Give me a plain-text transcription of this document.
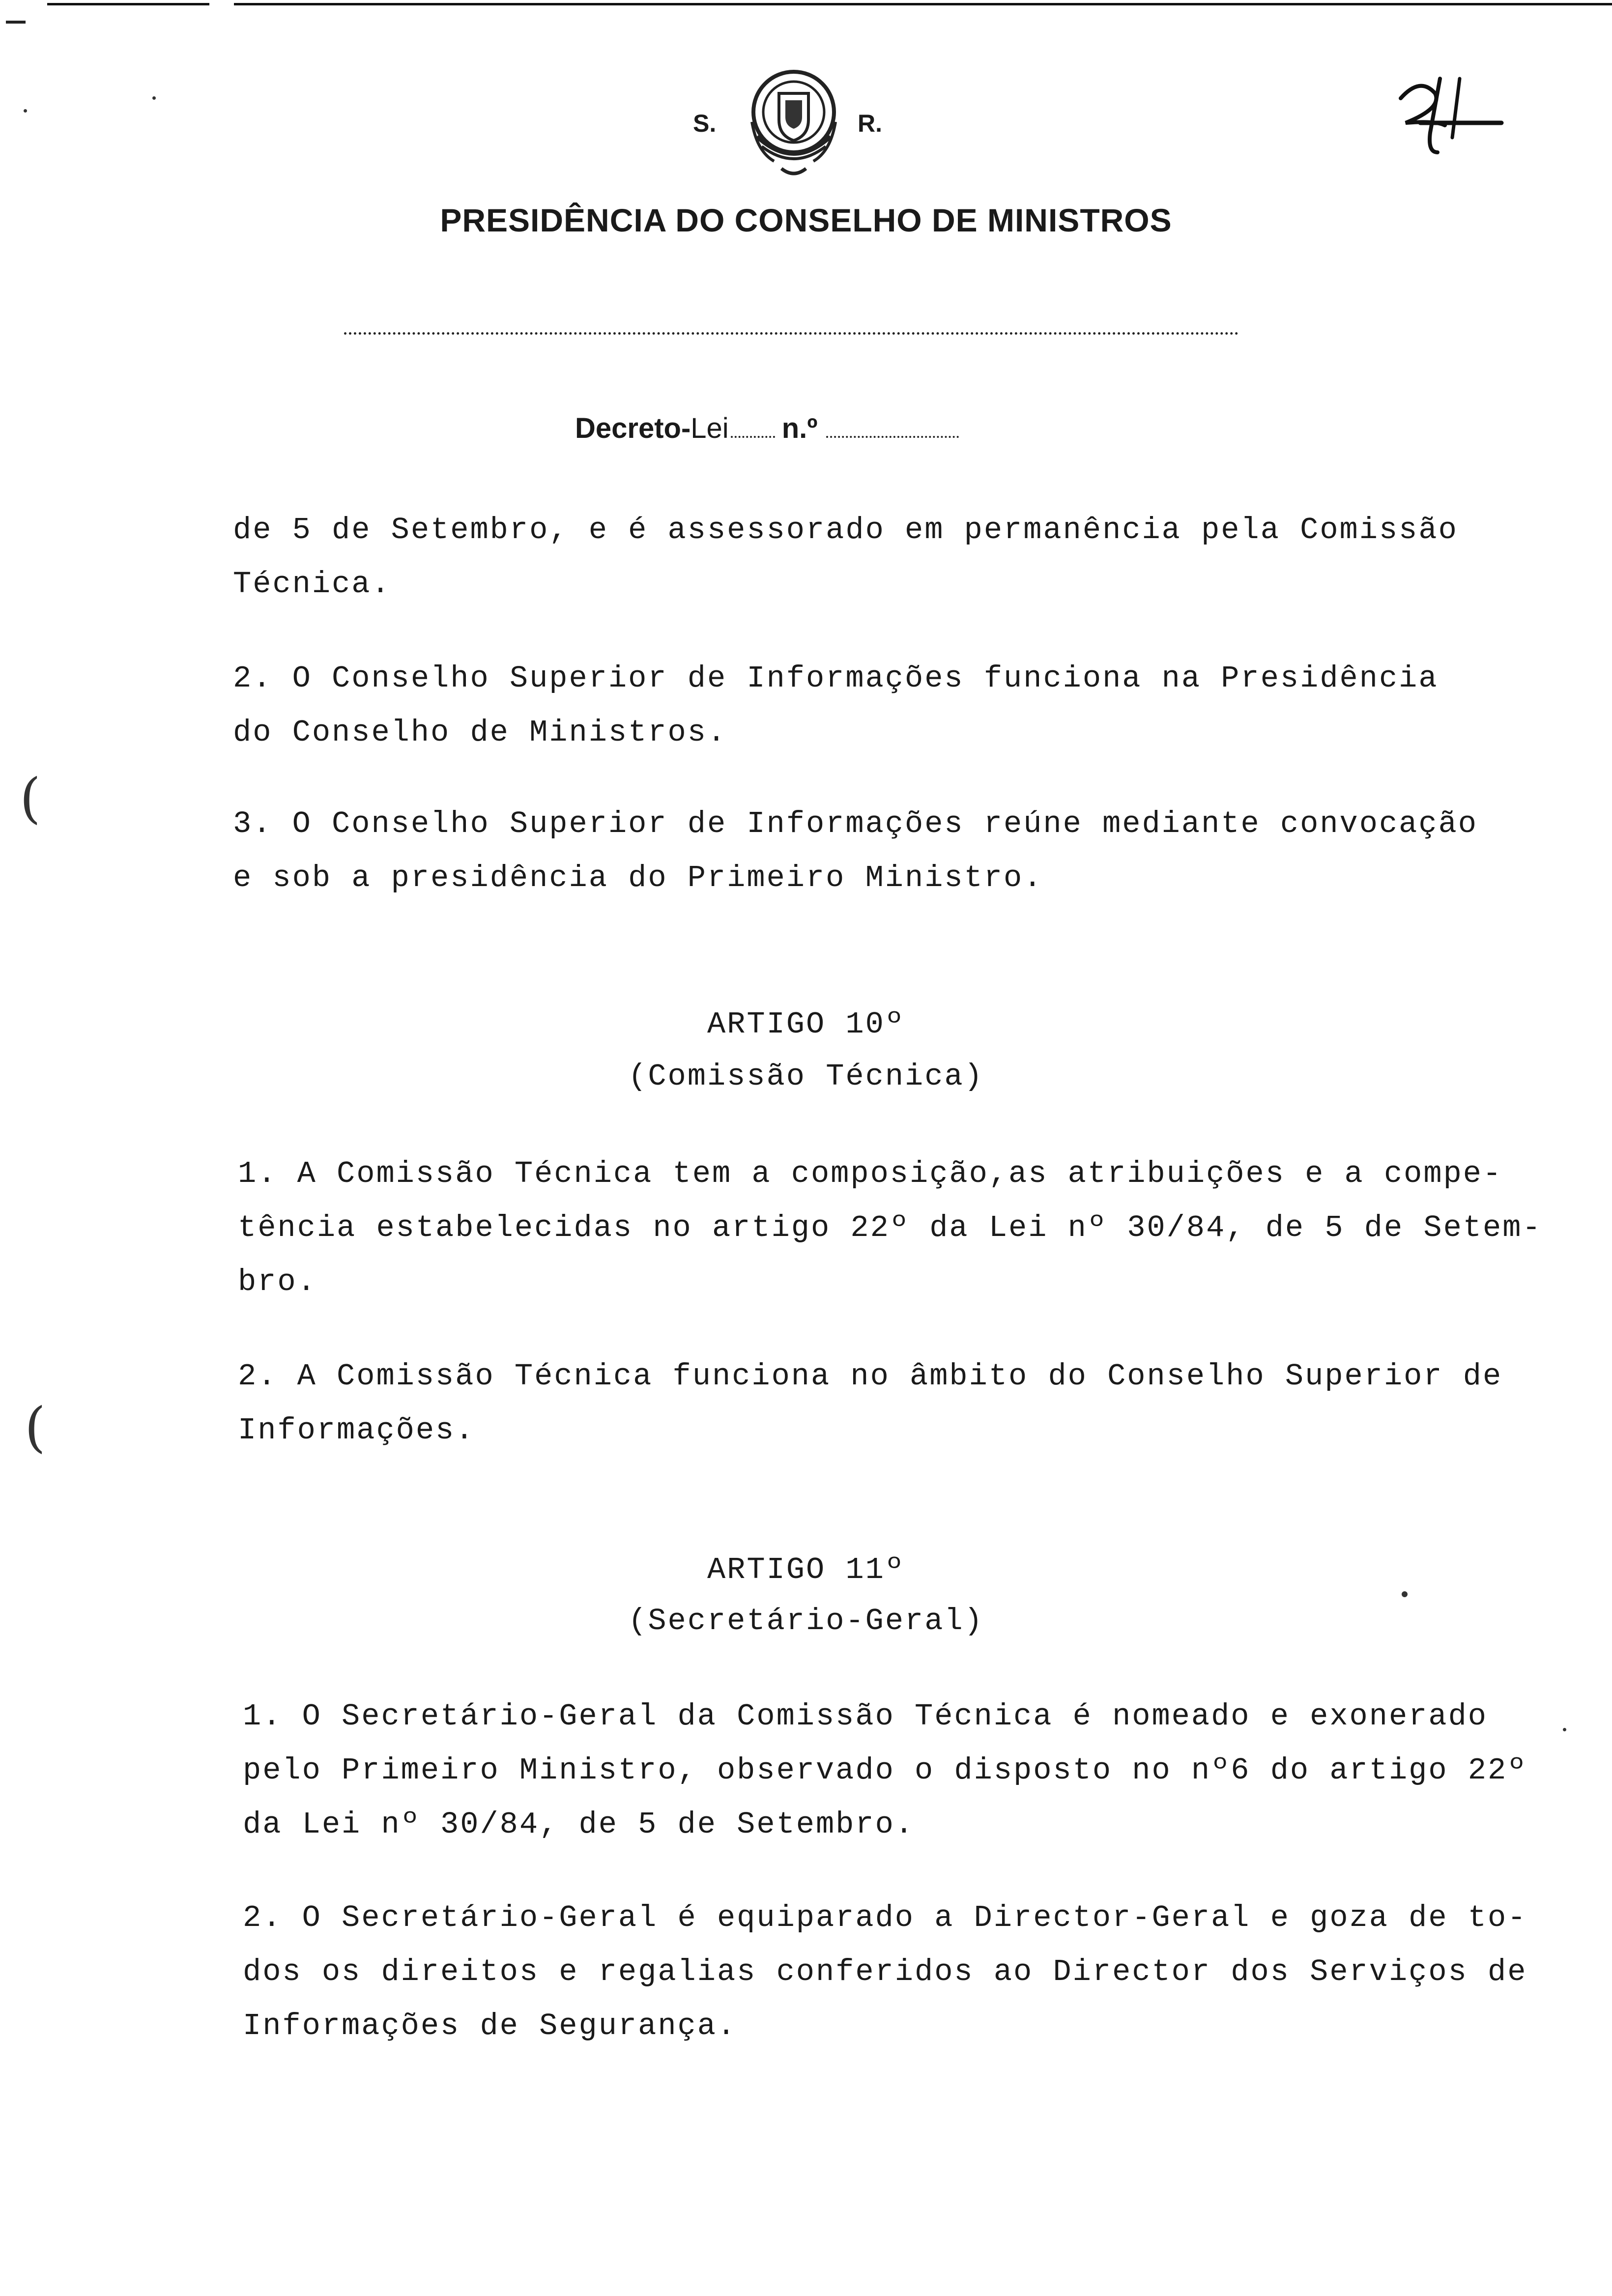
S.	R.
PRESIDÊNCIA DO CONSELHO DE MINISTROS
Decreto-Lei n.º
de 5 de Setembro, e é assessorado em permanência pela Comissão
Técnica.
2. O Conselho Superior de Informações funciona na Presidência
do Conselho de Ministros.
(	3. O Conselho Superior de Informações reúne mediante convocação
e sob a presidência do Primeiro Ministro.
ARTIGO 10º
(Comissão Técnica)
1. A Comissão Técnica tem a composição,as atribuições e a compe-
tência estabelecidas no artigo 22º da Lei nº 30/84, de 5 de Setem-
bro.
2. A Comissão Técnica funciona no âmbito do Conselho Superior de
Informações.
(
ARTIGO 11º
(Secretário-Geral)
1. O Secretário-Geral da Comissão Técnica é nomeado e exonerado
pelo Primeiro Ministro, observado o disposto no nº6 do artigo 22º
da Lei nº 30/84, de 5 de Setembro.
2. O Secretário-Geral é equiparado a Director-Geral e goza de to-
dos os direitos e regalias conferidos ao Director dos Serviços de
Informações de Segurança.
